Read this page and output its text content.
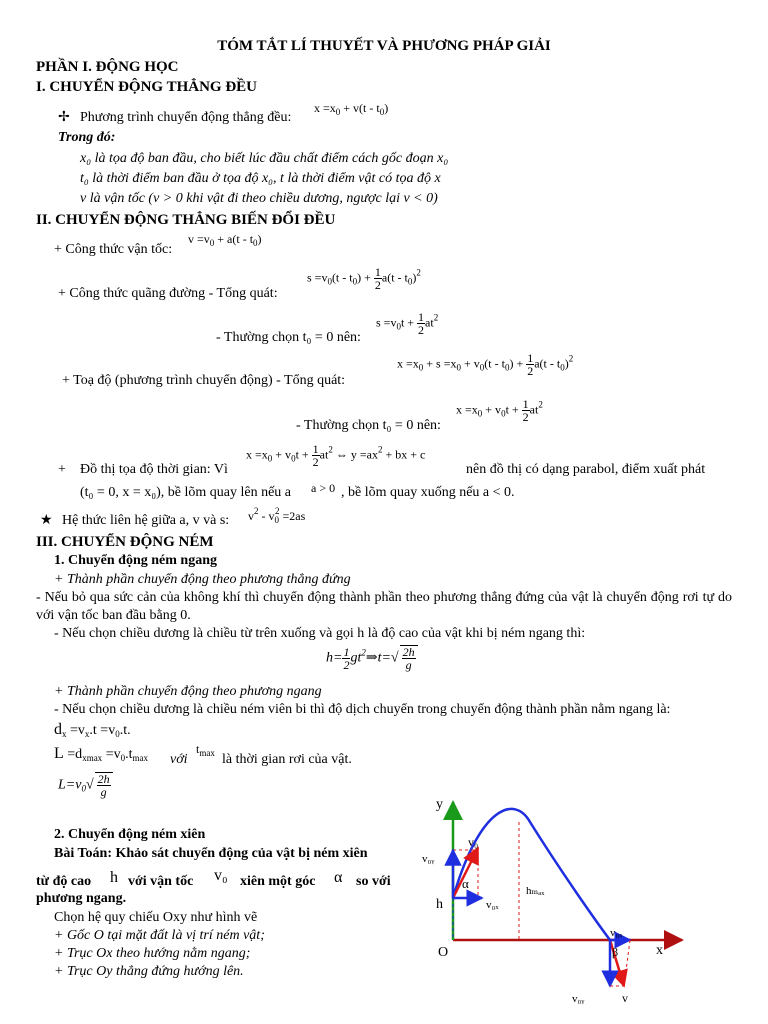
TÓM TẮT LÍ THUYẾT VÀ PHƯƠNG PHÁP GIẢI
PHẦN I. ĐỘNG HỌC
I. CHUYỂN ĐỘNG THẲNG ĐỀU
✢ Phương trình chuyển động thẳng đều:
$x =x_0 + v(t - t_0)$
Trong đó:
x₀ là tọa độ ban đầu, cho biết lúc đầu chất điểm cách gốc đoạn x₀
t₀ là thời điểm ban đầu ở tọa độ x₀, t là thời điểm vật có tọa độ x
v là vận tốc (v > 0 khi vật đi theo chiều dương, ngược lại v < 0)
II. CHUYỂN ĐỘNG THẲNG BIẾN ĐỔI ĐỀU
+ Công thức vận tốc:
$v =v_0 + a(t - t_0)$
+ Công thức quãng đường - Tổng quát:
$s =v_0(t - t_0) + \frac{1}{2} a(t - t_0)^2$
- Thường chọn t₀ = 0 nên:
$s =v_0t + \frac{1}{2} at^2$
+ Toạ độ (phương trình chuyển động) - Tổng quát:
$x =x_0 + s =x_0 + v_0(t - t_0) + \frac{1}{2} a(t - t_0)^2$
- Thường chọn t₀ = 0 nên:
$x =x_0 + v_0t + \frac{1}{2} at^2$
+ Đồ thị tọa độ thời gian: Vì
$x =x_0 + v_0t + \frac{1}{2} at^2$ ⇔ $y =ax^2$ + bx + c
nên đồ thị có dạng parabol, điểm xuất phát
(t₀ = 0, x = x₀), bề lõm quay lên nếu a a > 0 , bề lõm quay xuống nếu a < 0.
★ Hệ thức liên hệ giữa a, v và s: $v^2 - v_0^2 =2as$
III. CHUYỂN ĐỘNG NÉM
1. Chuyển động ném ngang
+ Thành phần chuyển động theo phương thẳng đứng
- Nếu bỏ qua sức cản của không khí thì chuyển động thành phần theo phương thẳng đứng của vật là chuyển động rơi tự do với vận tốc ban đầu bằng 0.
- Nếu chọn chiều dương là chiều từ trên xuống và gọi h là độ cao của vật khi bị ném ngang thì:
$h= \frac{1}{2}$ $gt^2\Rightarrow t=√ \frac{2h}{g}$
+ Thành phần chuyển động theo phương ngang
- Nếu chọn chiều dương là chiều ném viên bi thì độ dịch chuyển trong chuyển động thành phần nằm ngang là:
$d_x =v_x.t =v_0.t$.
$L =d_{xmax} =v_0.t_{max}$ với
$t_{max}$ là thời gian rơi của vật.
$L=v_0√ \frac{2h}{g}$
2. Chuyển động ném xiên
Bài Toán: Khảo sát chuyển động của vật bị ném xiên
từ độ cao h với vận tốc v₀ xiên một góc α so với
phương ngang.
Chọn hệ quy chiếu Oxy như hình vẽ
+ Gốc O tại mặt đất là vị trí ném vật;
+ Trục Ox theo hướng nằm ngang;
+ Trục Oy thẳng đứng hướng lên.
y
x
O
h
α
β
v₀
v₀ₓ
v₀ᵧ
hₘₐₓ
v₀ₓ
v₀ᵧ	v
